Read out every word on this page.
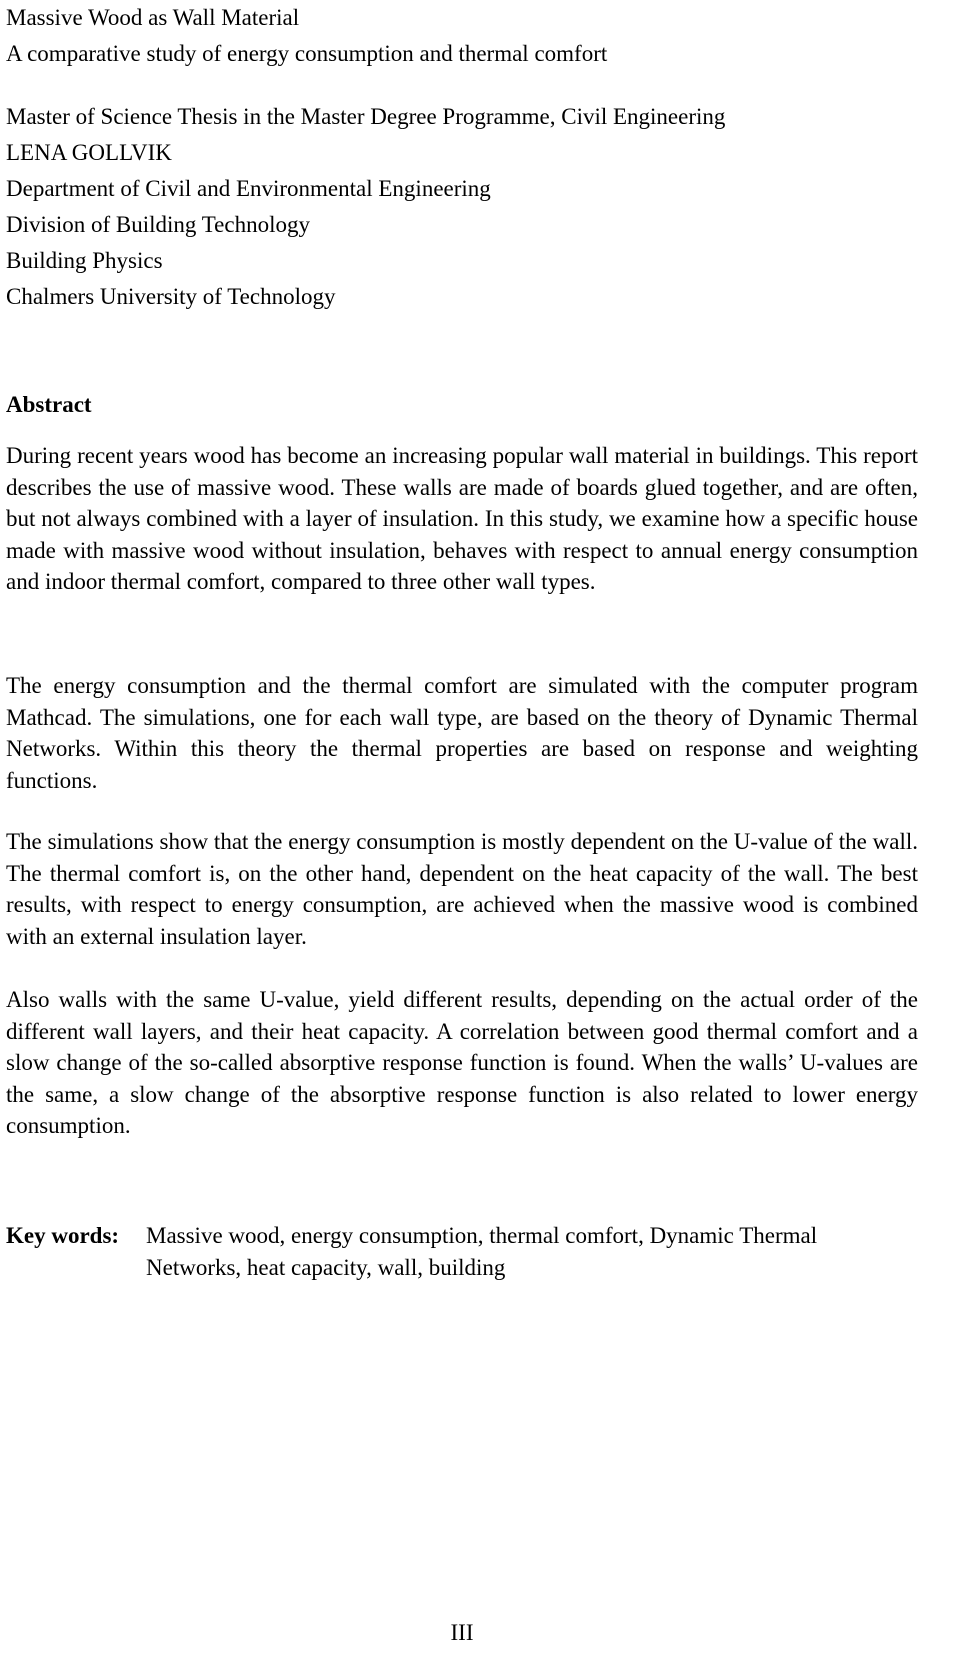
Massive Wood as Wall Material
A comparative study of energy consumption and thermal comfort
Master of Science Thesis in the Master Degree Programme, Civil Engineering
LENA GOLLVIK
Department of Civil and Environmental Engineering
Division of Building Technology
Building Physics
Chalmers University of Technology
Abstract

During recent years wood has become an increasing popular wall material in buildings. This report describes the use of massive wood. These walls are made of boards glued together, and are often, but not always combined with a layer of insulation. In this study, we examine how a specific house made with massive wood without insulation, behaves with respect to annual energy consumption and indoor thermal comfort, compared to three other wall types.

The energy consumption and the thermal comfort are simulated with the computer program Mathcad. The simulations, one for each wall type, are based on the theory of Dynamic Thermal Networks. Within this theory the thermal properties are based on response and weighting functions.

The simulations show that the energy consumption is mostly dependent on the U-value of the wall. The thermal comfort is, on the other hand, dependent on the heat capacity of the wall. The best results, with respect to energy consumption, are achieved when the massive wood is combined with an external insulation layer.

Also walls with the same U-value, yield different results, depending on the actual order of the different wall layers, and their heat capacity. A correlation between good thermal comfort and a slow change of the so-called absorptive response function is found. When the walls’ U-values are the same, a slow change of the absorptive response function is also related to lower energy consumption.

Key words:	Massive wood, energy consumption, thermal comfort, Dynamic Thermal Networks, heat capacity, wall, building
III
